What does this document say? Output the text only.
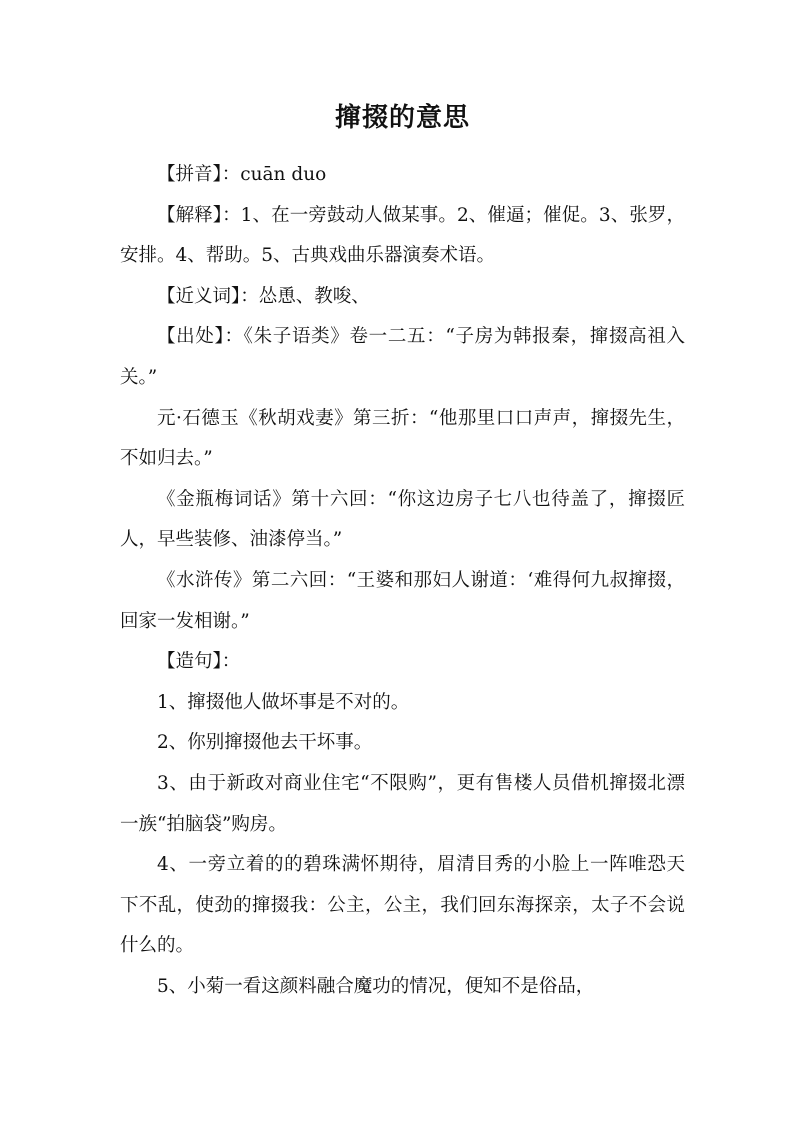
撺掇的意思

【拼音】：cuān duo

【解释】：1、在一旁鼓动人做某事。2、催逼；催促。3、张罗，安排。4、帮助。5、古典戏曲乐器演奏术语。

【近义词】：怂恿、教唆、

【出处】：《朱子语类》卷一二五：“子房为韩报秦，撺掇高祖入关。”

元·石德玉《秋胡戏妻》第三折：“他那里口口声声，撺掇先生，不如归去。”

《金瓶梅词话》第十六回：“你这边房子七八也待盖了，撺掇匠人，早些装修、油漆停当。”

《水浒传》第二六回：“王婆和那妇人谢道：‘难得何九叔撺掇，回家一发相谢。”

【造句】：

1、撺掇他人做坏事是不对的。

2、你别撺掇他去干坏事。

3、由于新政对商业住宅“不限购”，更有售楼人员借机撺掇北漂一族“拍脑袋”购房。

4、一旁立着的的碧珠满怀期待，眉清目秀的小脸上一阵唯恐天下不乱，使劲的撺掇我：公主，公主，我们回东海探亲，太子不会说什么的。

5、小菊一看这颜料融合魔功的情况，便知不是俗品，
